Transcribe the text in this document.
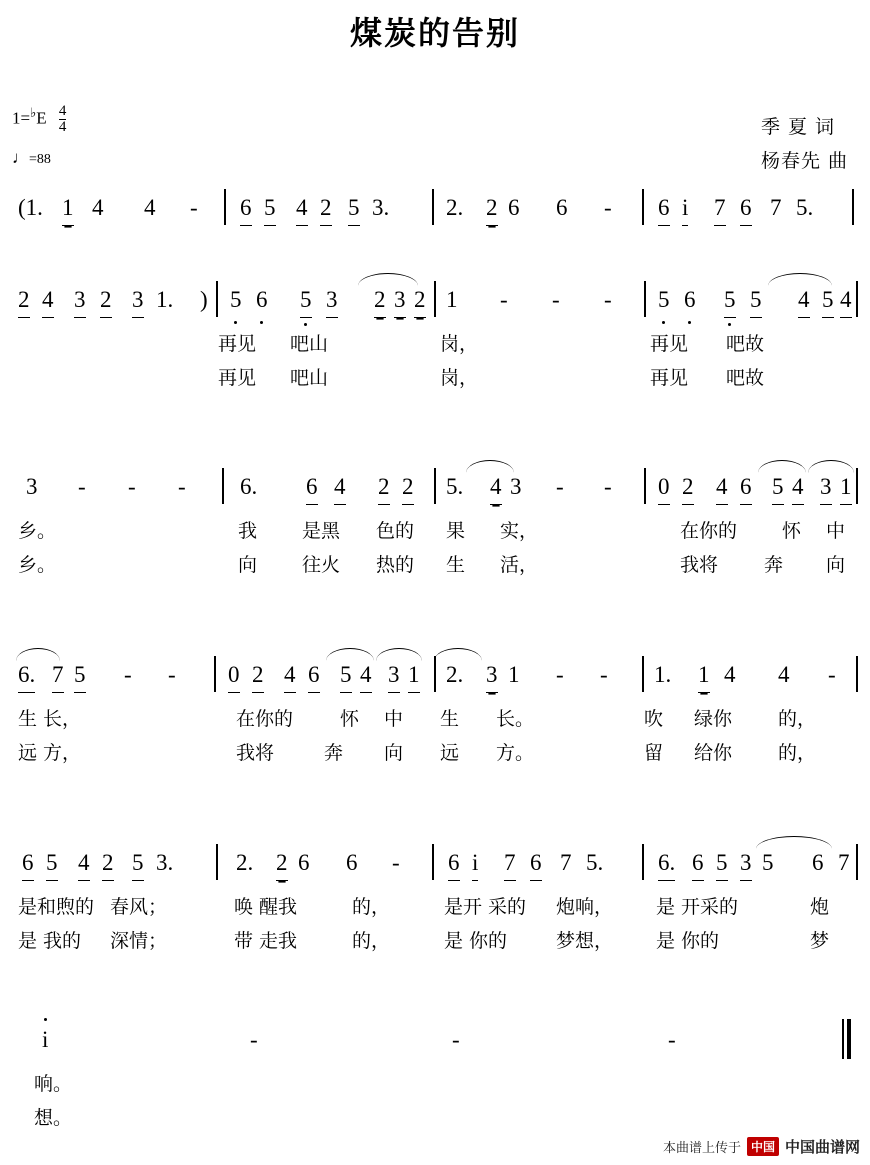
煤炭的告别
$1=^♭E \frac{4}{4}$
♩=88
季 夏 词
杨春先 曲
(1. 1 4 4 - 6 5 4 2 5 3. 2. 2 6 6 - 6 i 7 6 7 5.
2 4 3 2 3 1. ) 5 6 5 3 2 3 2 1 - - - 5 6 5 5 4 5 4
再见 吧山	岗，	再见 吧故
再见 吧山	岗，	再见 吧故
3 - - - 6. 6 4 2 2 5. 4 3 - - 0 2 4 6 5 4 3 1
乡。	我 是黑 色的 果 实，	在你的 怀 中
乡。	向 往火 热的 生 活，	我将 奔 向
6. 7 5 - - 0 2 4 6 5 4 3 1 2. 3 1 - - 1. 1 4 4 -
生 长，	在你的 怀 中 生 长。	吹 绿你 的，
远 方，	我将	奔 向 远 方。	留 给你 的，
6 5 4 2 5 3.	2. 2 6 6 - 6 i 7 6 7 5. 6. 6 5 3 5 6 7
是和煦的 春风；	唤 醒我	的，	是开 采的 炮响， 是 开采的	炮
是 我的 深情；	带 走我	的，	是 你的	梦想， 是 你的	梦
i	-	-	-
响。
想。
本曲谱上传于 中国 中国曲谱网
